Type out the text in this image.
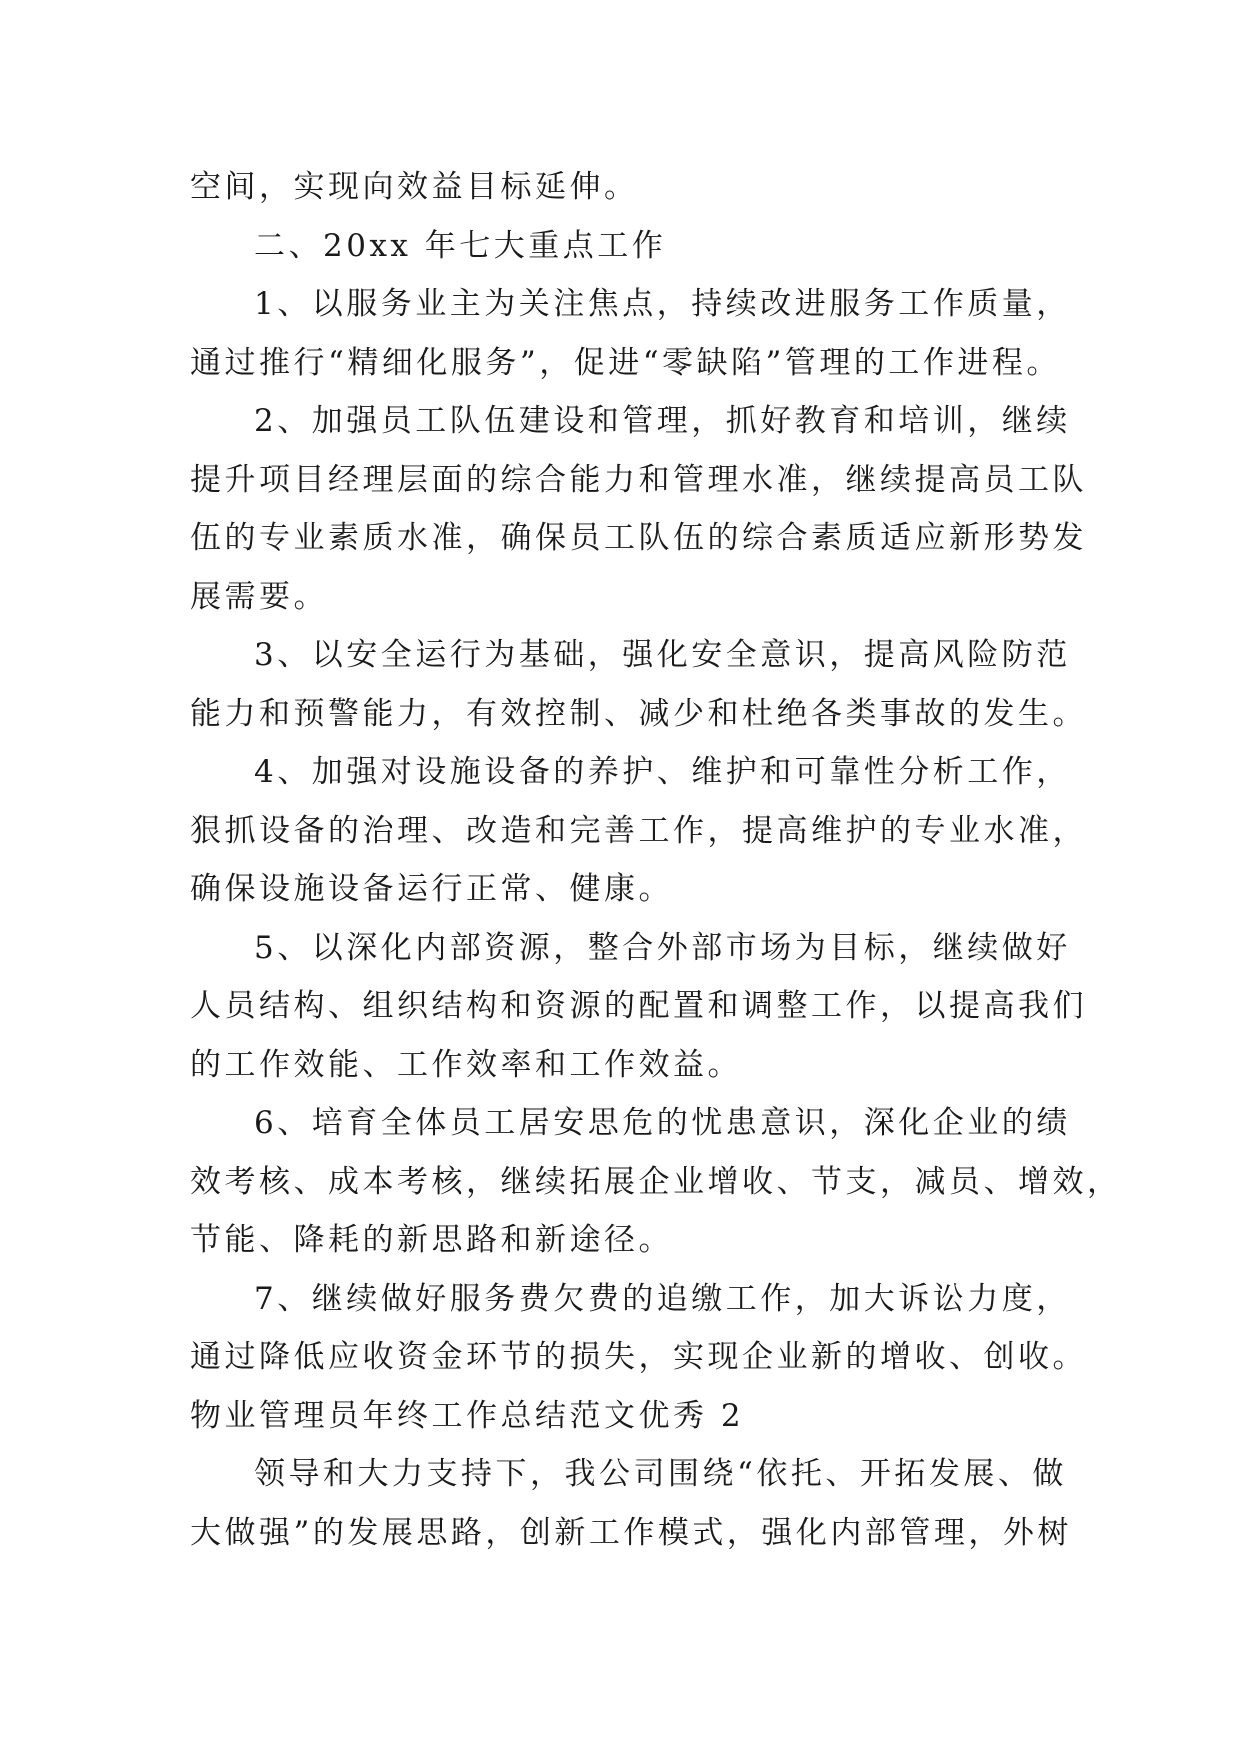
空间，实现向效益目标延伸。

二、20xx 年七大重点工作

1、以服务业主为关注焦点，持续改进服务工作质量，

通过推行“精细化服务”，促进“零缺陷”管理的工作进程。

2、加强员工队伍建设和管理，抓好教育和培训，继续

提升项目经理层面的综合能力和管理水准，继续提高员工队

伍的专业素质水准，确保员工队伍的综合素质适应新形势发

展需要。

3、以安全运行为基础，强化安全意识，提高风险防范

能力和预警能力，有效控制、减少和杜绝各类事故的发生。

4、加强对设施设备的养护、维护和可靠性分析工作，

狠抓设备的治理、改造和完善工作，提高维护的专业水准，

确保设施设备运行正常、健康。

5、以深化内部资源，整合外部市场为目标，继续做好

人员结构、组织结构和资源的配置和调整工作，以提高我们

的工作效能、工作效率和工作效益。

6、培育全体员工居安思危的忧患意识，深化企业的绩

效考核、成本考核，继续拓展企业增收、节支，减员、增效，

节能、降耗的新思路和新途径。

7、继续做好服务费欠费的追缴工作，加大诉讼力度，

通过降低应收资金环节的损失，实现企业新的增收、创收。

物业管理员年终工作总结范文优秀 2

领导和大力支持下，我公司围绕“依托、开拓发展、做

大做强”的发展思路，创新工作模式，强化内部管理，外树
